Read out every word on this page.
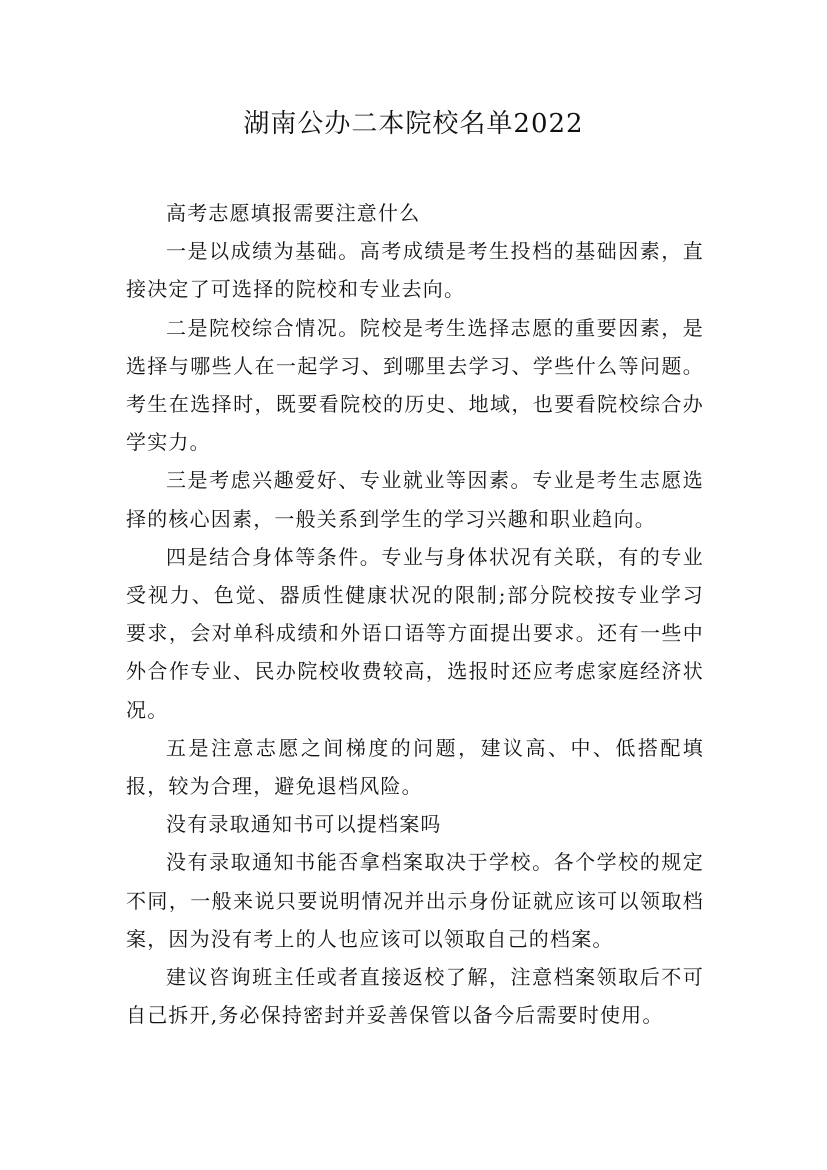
湖南公办二本院校名单2022

高考志愿填报需要注意什么

一是以成绩为基础。高考成绩是考生投档的基础因素，直接决定了可选择的院校和专业去向。

二是院校综合情况。院校是考生选择志愿的重要因素，是选择与哪些人在一起学习、到哪里去学习、学些什么等问题。考生在选择时，既要看院校的历史、地域，也要看院校综合办学实力。

三是考虑兴趣爱好、专业就业等因素。专业是考生志愿选择的核心因素，一般关系到学生的学习兴趣和职业趋向。

四是结合身体等条件。专业与身体状况有关联，有的专业受视力、色觉、器质性健康状况的限制;部分院校按专业学习要求，会对单科成绩和外语口语等方面提出要求。还有一些中外合作专业、民办院校收费较高，选报时还应考虑家庭经济状况。

五是注意志愿之间梯度的问题，建议高、中、低搭配填报，较为合理，避免退档风险。

没有录取通知书可以提档案吗

没有录取通知书能否拿档案取决于学校。各个学校的规定不同，一般来说只要说明情况并出示身份证就应该可以领取档案，因为没有考上的人也应该可以领取自己的档案。

建议咨询班主任或者直接返校了解，注意档案领取后不可自己拆开,务必保持密封并妥善保管以备今后需要时使用。
